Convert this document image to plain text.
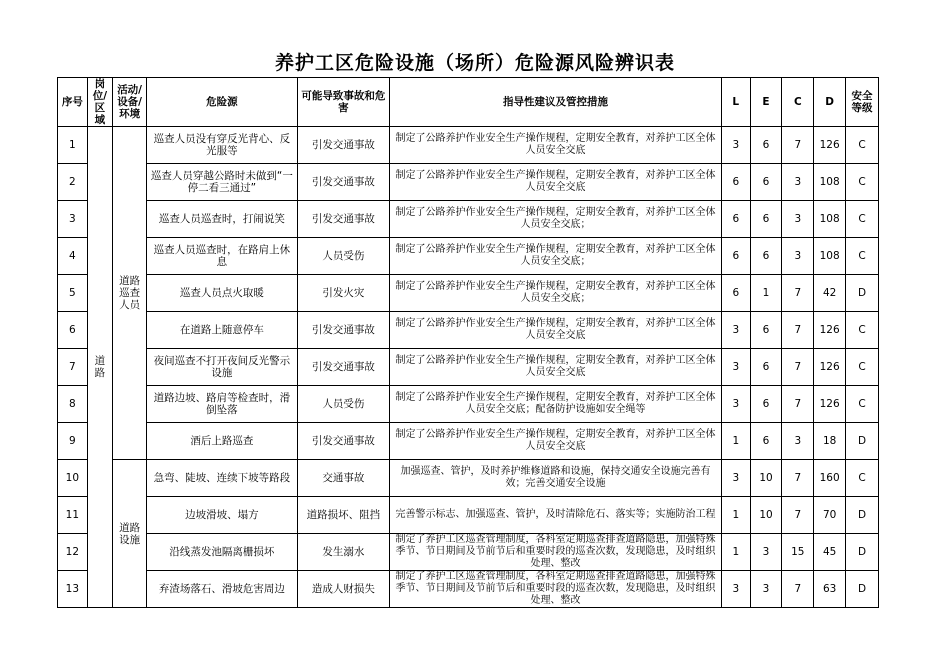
养护工区危险设施（场所）危险源风险辨识表
序号	岗位/区域	活动/设备/环境	危险源	可能导致事故和危害	指导性建议及管控措施	L	E	C	D	安全等级
1	道路	道路巡查人员	巡查人员没有穿反光背心、反光服等	引发交通事故	制定了公路养护作业安全生产操作规程，定期安全教育，对养护工区全体人员安全交底	3	6	7	126	C
2			巡查人员穿越公路时未做到“一停二看三通过”	引发交通事故	制定了公路养护作业安全生产操作规程，定期安全教育，对养护工区全体人员安全交底	6	6	3	108	C
3			巡查人员巡查时，打闹说笑	引发交通事故	制定了公路养护作业安全生产操作规程，定期安全教育，对养护工区全体人员安全交底；	6	6	3	108	C
4			巡查人员巡查时，在路肩上休息	人员受伤	制定了公路养护作业安全生产操作规程，定期安全教育，对养护工区全体人员安全交底；	6	6	3	108	C
5			巡查人员点火取暖	引发火灾	制定了公路养护作业安全生产操作规程，定期安全教育，对养护工区全体人员安全交底；	6	1	7	42	D
6			在道路上随意停车	引发交通事故	制定了公路养护作业安全生产操作规程，定期安全教育，对养护工区全体人员安全交底	3	6	7	126	C
7			夜间巡查不打开夜间反光警示设施	引发交通事故	制定了公路养护作业安全生产操作规程，定期安全教育，对养护工区全体人员安全交底	3	6	7	126	C
8			道路边坡、路肩等检查时，滑倒坠落	人员受伤	制定了公路养护作业安全生产操作规程，定期安全教育，对养护工区全体人员安全交底；配备防护设施如安全绳等	3	6	7	126	C
9			酒后上路巡查	引发交通事故	制定了公路养护作业安全生产操作规程，定期安全教育，对养护工区全体人员安全交底	1	6	3	18	D
10		道路设施	急弯、陡坡、连续下坡等路段	交通事故	加强巡查、管护，及时养护维修道路和设施，保持交通安全设施完善有效；完善交通安全设施	3	10	7	160	C
11			边坡滑坡、塌方	道路损坏、阻挡	完善警示标志、加强巡查、管护，及时清除危石、落实等；实施防治工程	1	10	7	70	D
12			沿线蒸发池隔离栅损坏	发生溺水	制定了养护工区巡查管理制度，各科室定期巡查排查道路隐患，加强特殊季节、节日期间及节前节后和重要时段的巡查次数，发现隐患，及时组织处理、整改	1	3	15	45	D
13			弃渣场落石、滑坡危害周边	造成人财损失	制定了养护工区巡查管理制度，各科室定期巡查排查道路隐患，加强特殊季节、节日期间及节前节后和重要时段的巡查次数，发现隐患，及时组织处理、整改	3	3	7	63	D
